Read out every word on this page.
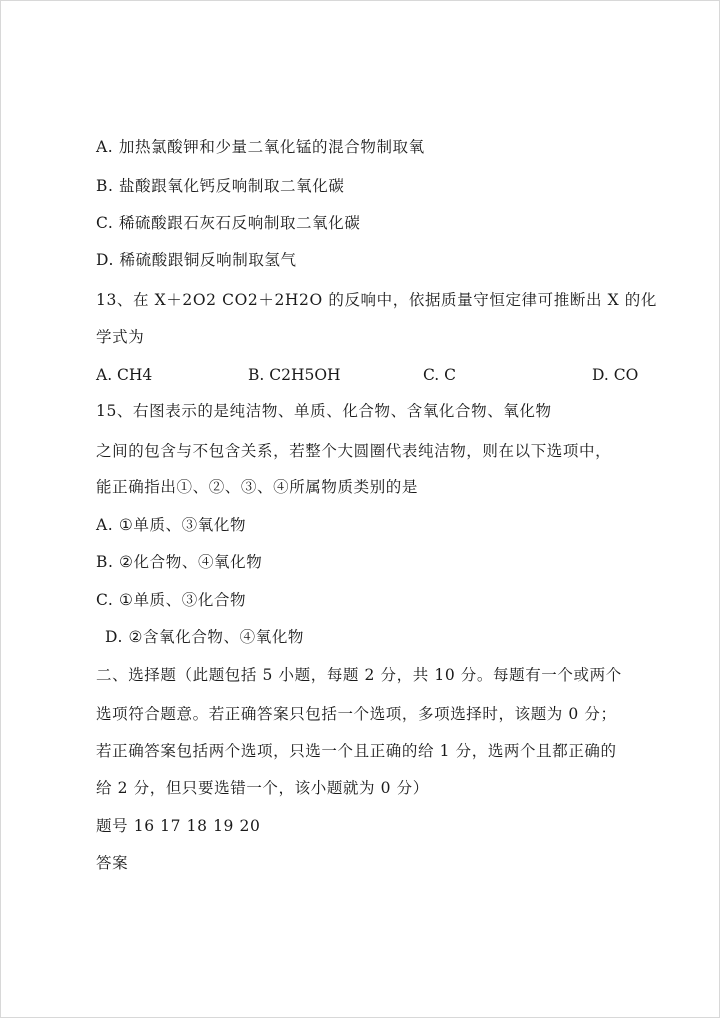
A. 加热氯酸钾和少量二氧化锰的混合物制取氧
B. 盐酸跟氧化钙反响制取二氧化碳
C. 稀硫酸跟石灰石反响制取二氧化碳
D. 稀硫酸跟铜反响制取氢气
13、在 X＋2O2 CO2＋2H2O 的反响中，依据质量守恒定律可推断出 X 的化
学式为
A. CH4	B. C2H5OH	C. C	D. CO
15、右图表示的是纯洁物、单质、化合物、含氧化合物、氧化物
之间的包含与不包含关系，若整个大圆圈代表纯洁物，则在以下选项中，
能正确指出①、②、③、④所属物质类别的是
A. ①单质、③氧化物
B. ②化合物、④氧化物
C. ①单质、③化合物
D. ②含氧化合物、④氧化物
二、选择题（此题包括 5 小题，每题 2 分，共 10 分。每题有一个或两个
选项符合题意。若正确答案只包括一个选项，多项选择时，该题为 0 分；
若正确答案包括两个选项，只选一个且正确的给 1 分，选两个且都正确的
给 2 分，但只要选错一个，该小题就为 0 分）
题号 16 17 18 19 20
答案
